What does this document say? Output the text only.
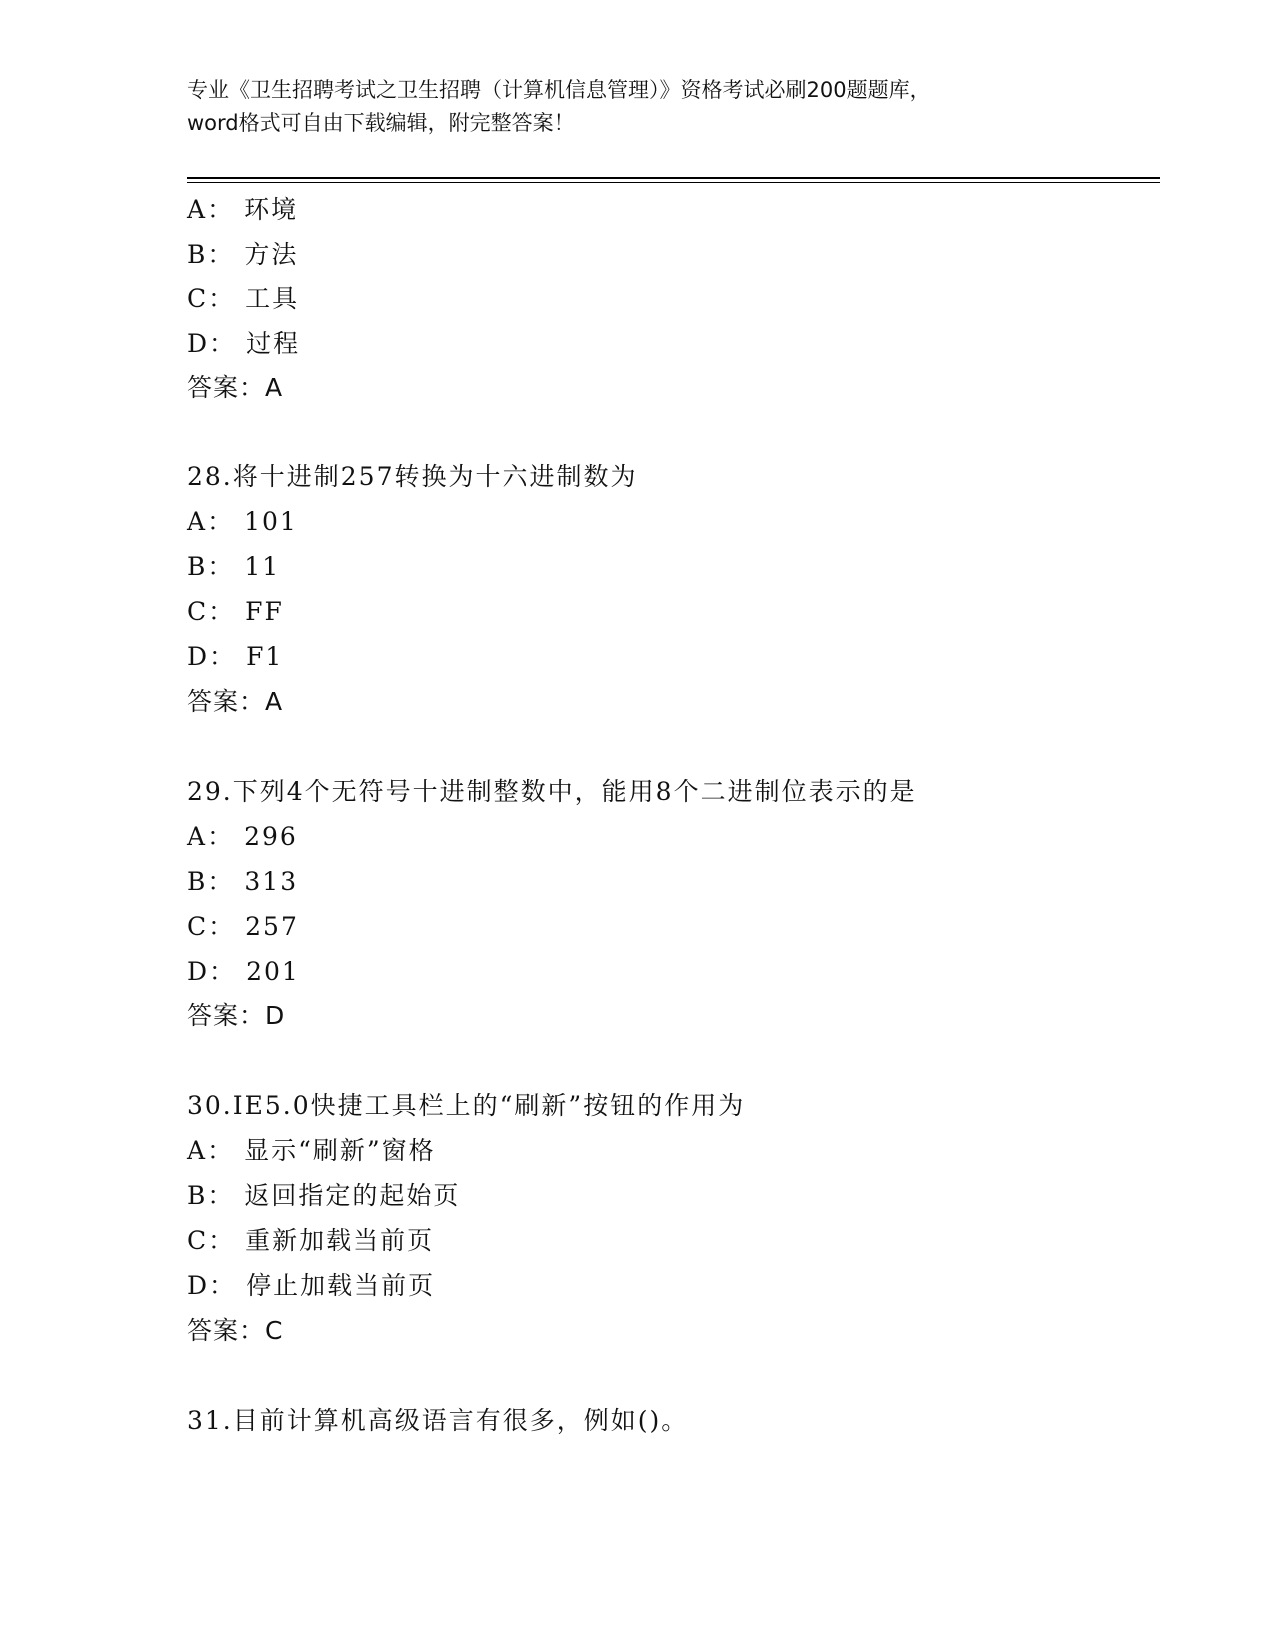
专业《卫生招聘考试之卫生招聘（计算机信息管理）》资格考试必刷200题题库，
word格式可自由下载编辑，附完整答案！
A： 环境
B： 方法
C： 工具
D： 过程
答案：A
28.将十进制257转换为十六进制数为
A： 101
B： 11
C： FF
D： F1
答案：A
29.下列4个无符号十进制整数中，能用8个二进制位表示的是
A： 296
B： 313
C： 257
D： 201
答案：D
30.IE5.0快捷工具栏上的“刷新”按钮的作用为
A： 显示“刷新”窗格
B： 返回指定的起始页
C： 重新加载当前页
D： 停止加载当前页
答案：C
31.目前计算机高级语言有很多，例如()。
